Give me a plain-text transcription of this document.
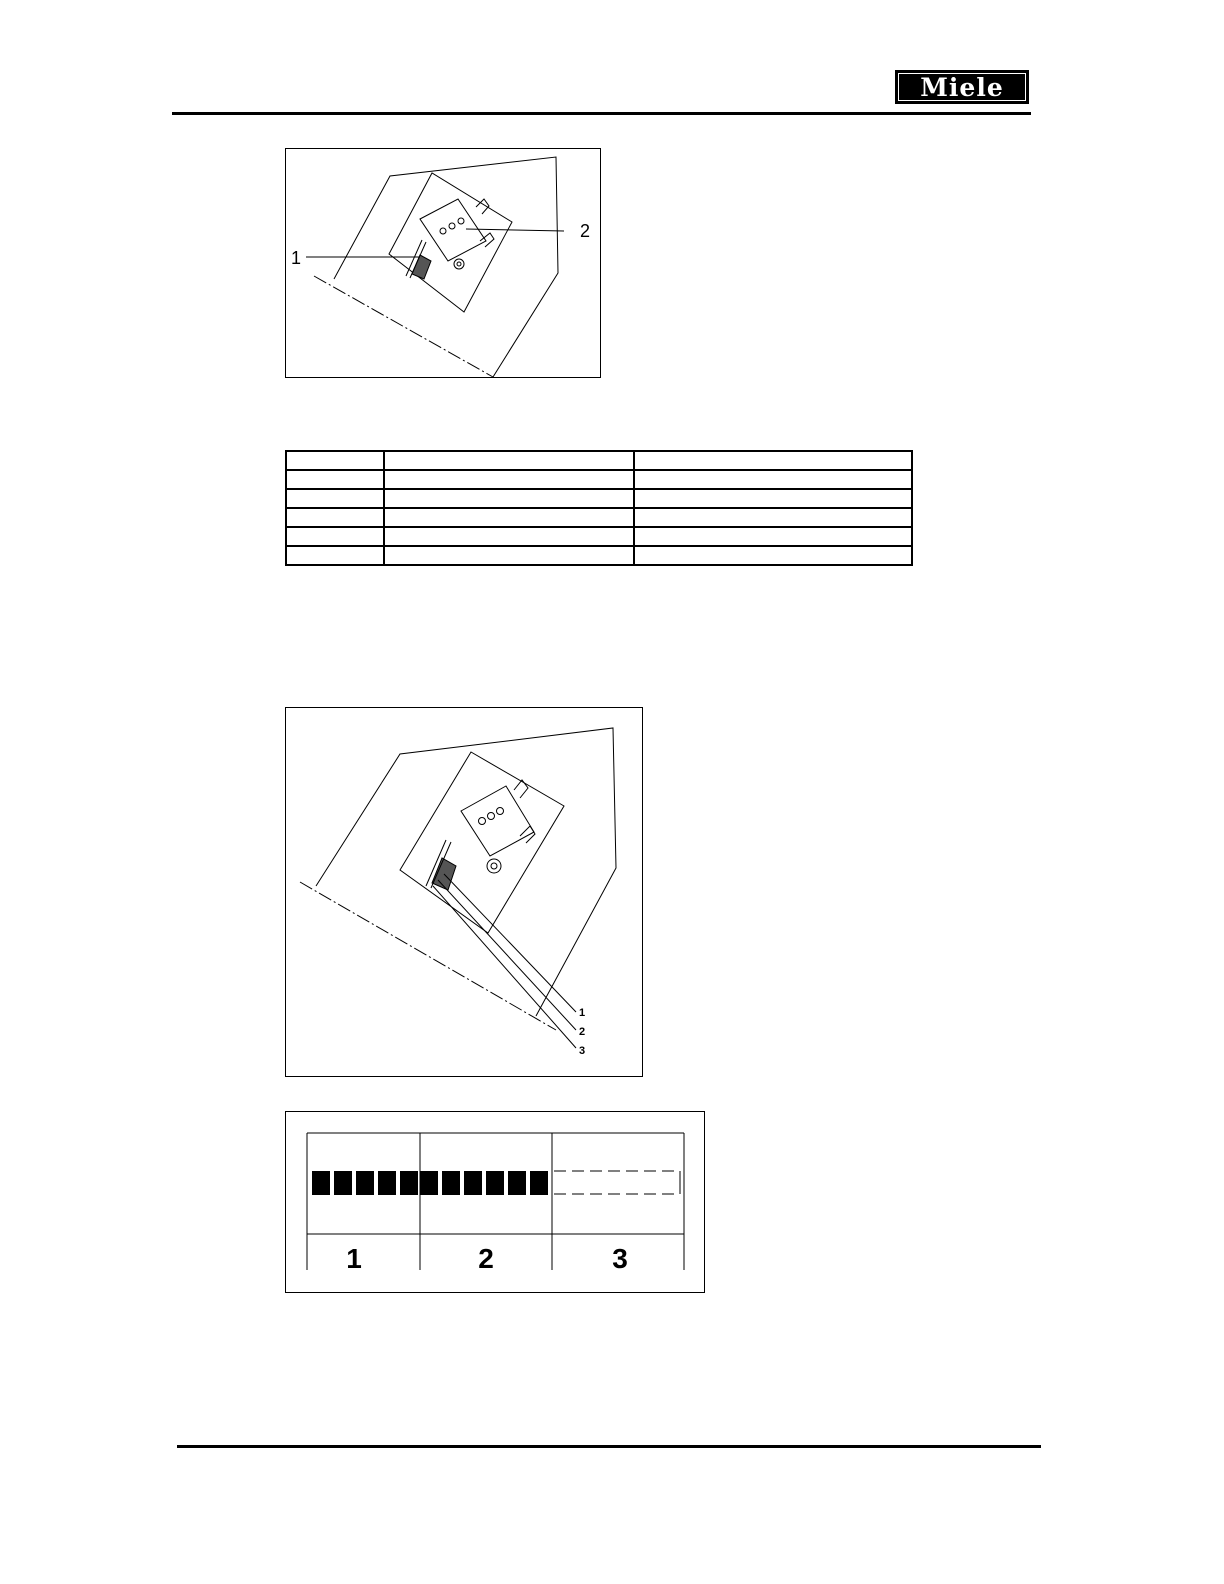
Miele
1
2

1
2
3
1	2	3
